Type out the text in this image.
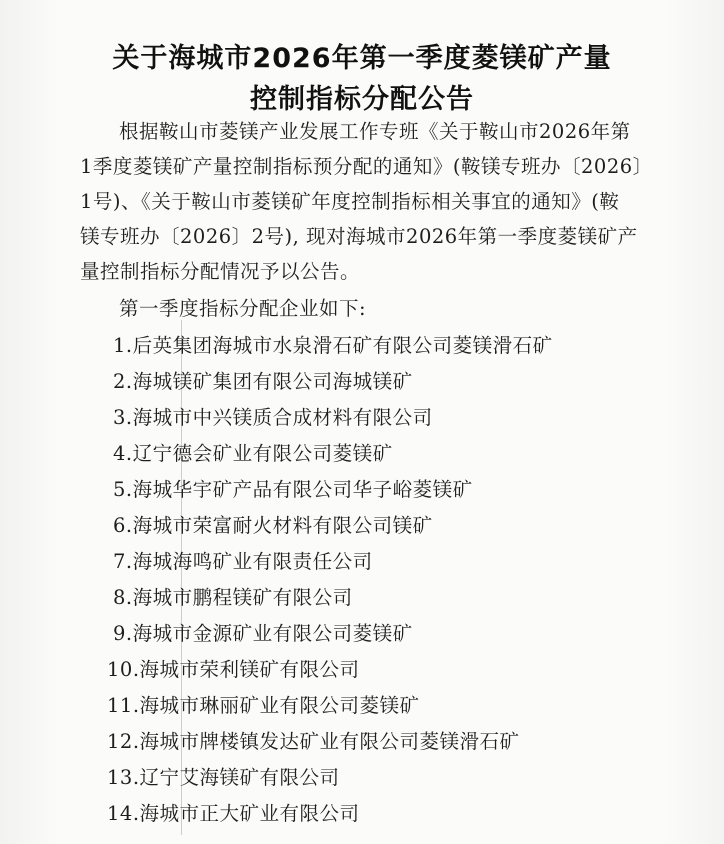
关于海城市2026年第一季度菱镁矿产量
控制指标分配公告
根据鞍山市菱镁产业发展工作专班《关于鞍山市2026年第
1季度菱镁矿产量控制指标预分配的通知》(鞍镁专班办〔2026〕
1号)、《关于鞍山市菱镁矿年度控制指标相关事宜的通知》(鞍
镁专班办〔2026〕2号), 现对海城市2026年第一季度菱镁矿产
量控制指标分配情况予以公告。
第一季度指标分配企业如下:
1.后英集团海城市水泉滑石矿有限公司菱镁滑石矿
2.海城镁矿集团有限公司海城镁矿
3.海城市中兴镁质合成材料有限公司
4.辽宁德会矿业有限公司菱镁矿
5.海城华宇矿产品有限公司华子峪菱镁矿
6.海城市荣富耐火材料有限公司镁矿
7.海城海鸣矿业有限责任公司
8.海城市鹏程镁矿有限公司
9.海城市金源矿业有限公司菱镁矿
10.海城市荣利镁矿有限公司
11.海城市琳丽矿业有限公司菱镁矿
12.海城市牌楼镇发达矿业有限公司菱镁滑石矿
13.辽宁艾海镁矿有限公司
14.海城市正大矿业有限公司
